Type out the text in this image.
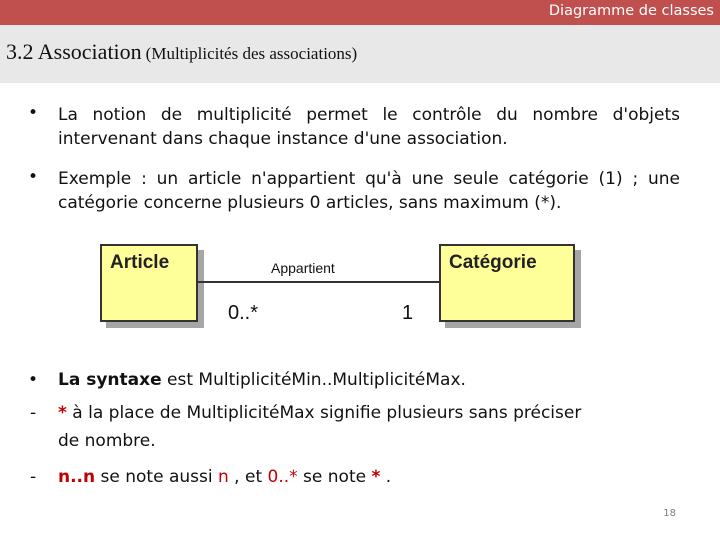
Diagramme de classes
3.2 Association (Multiplicités des associations)
• La notion de multiplicité permet le contrôle du nombre d'objets intervenant dans chaque instance d'une association.
• Exemple : un article n'appartient qu'à une seule catégorie (1) ; une catégorie concerne plusieurs 0 articles, sans maximum (*).
Article	Catégorie
Appartient
0..*	1
• La syntaxe est MultiplicitéMin..MultiplicitéMax.
- * à la place de MultiplicitéMax signifie plusieurs sans préciser
de nombre.
- n..n se note aussi n , et 0..* se note * .
18
